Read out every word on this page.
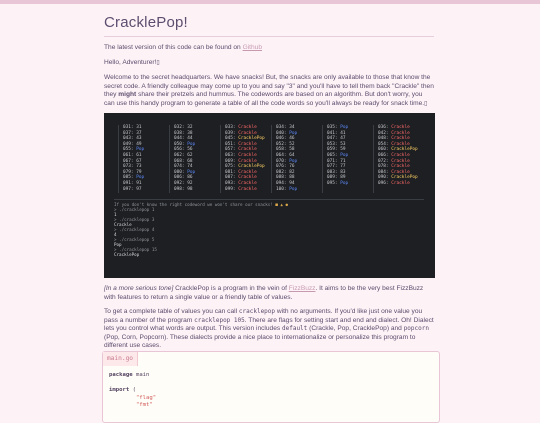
CracklePop!
The latest version of this code can be found on Github
Hello, Adventurer!▯
Welcome to the secret headquarters. We have snacks! But, the snacks are only available to those that know the secret code. A friendly colleague may come up to you and say "3" and you'll have to tell them back "Crackle" then they might share their pretzels and hummus. The codewords are based on an algorithm. But don't worry, you can use this handy program to generate a table of all the code words so you'll always be ready for snack time.▯
031: 31
037: 37
043: 43
049: 49
055: Pop
061: 61
067: 67
073: 73
079: 79
085: Pop
091: 91
097: 97
032: 32
038: 38
044: 44
050: Pop
056: 56
062: 62
068: 68
074: 74
080: Pop
086: 86
092: 92
098: 98
033: Crackle
039: Crackle
045: CracklePop
051: Crackle
057: Crackle
063: Crackle
069: Crackle
075: CracklePop
081: Crackle
087: Crackle
093: Crackle
099: Crackle
034: 34
040: Pop
046: 46
052: 52
058: 58
064: 64
070: Pop
076: 76
082: 82
088: 88
094: 94
100: Pop
035: Pop
041: 41
047: 47
053: 53
059: 59
065: Pop
071: 71
077: 77
083: 83
089: 89
095: Pop
036: Crackle
042: Crackle
048: Crackle
054: Crackle
060: CracklePop
066: Crackle
072: Crackle
078: Crackle
084: Crackle
090: CracklePop
096: Crackle
If you don't know the right codeword we won't share our snacks! ■ ▲ ●
> ./cracklepop 1
1
> ./cracklepop 3
Crackle
> ./cracklepop 4
4
> ./cracklepop 5
Pop
> ./cracklepop 15
CracklePop
[In a more serious tone] CracklePop is a program in the vein of FizzBuzz. It aims to be the very best FizzBuzz with features to return a single value or a friendly table of values.
To get a complete table of values you can call cracklepop with no arguments. If you'd like just one value you pass a number of the program cracklepop 105. There are flags for setting start and end and dialect. Oh! Dialect lets you control what words are output. This version includes default (Crackle, Pop, CracklePop) and popcorn (Pop, Corn, Popcorn). These dialects provide a nice place to internationalize or personalize this program to different use cases.
main.go
package main

import (
"flag"
"fmt"
